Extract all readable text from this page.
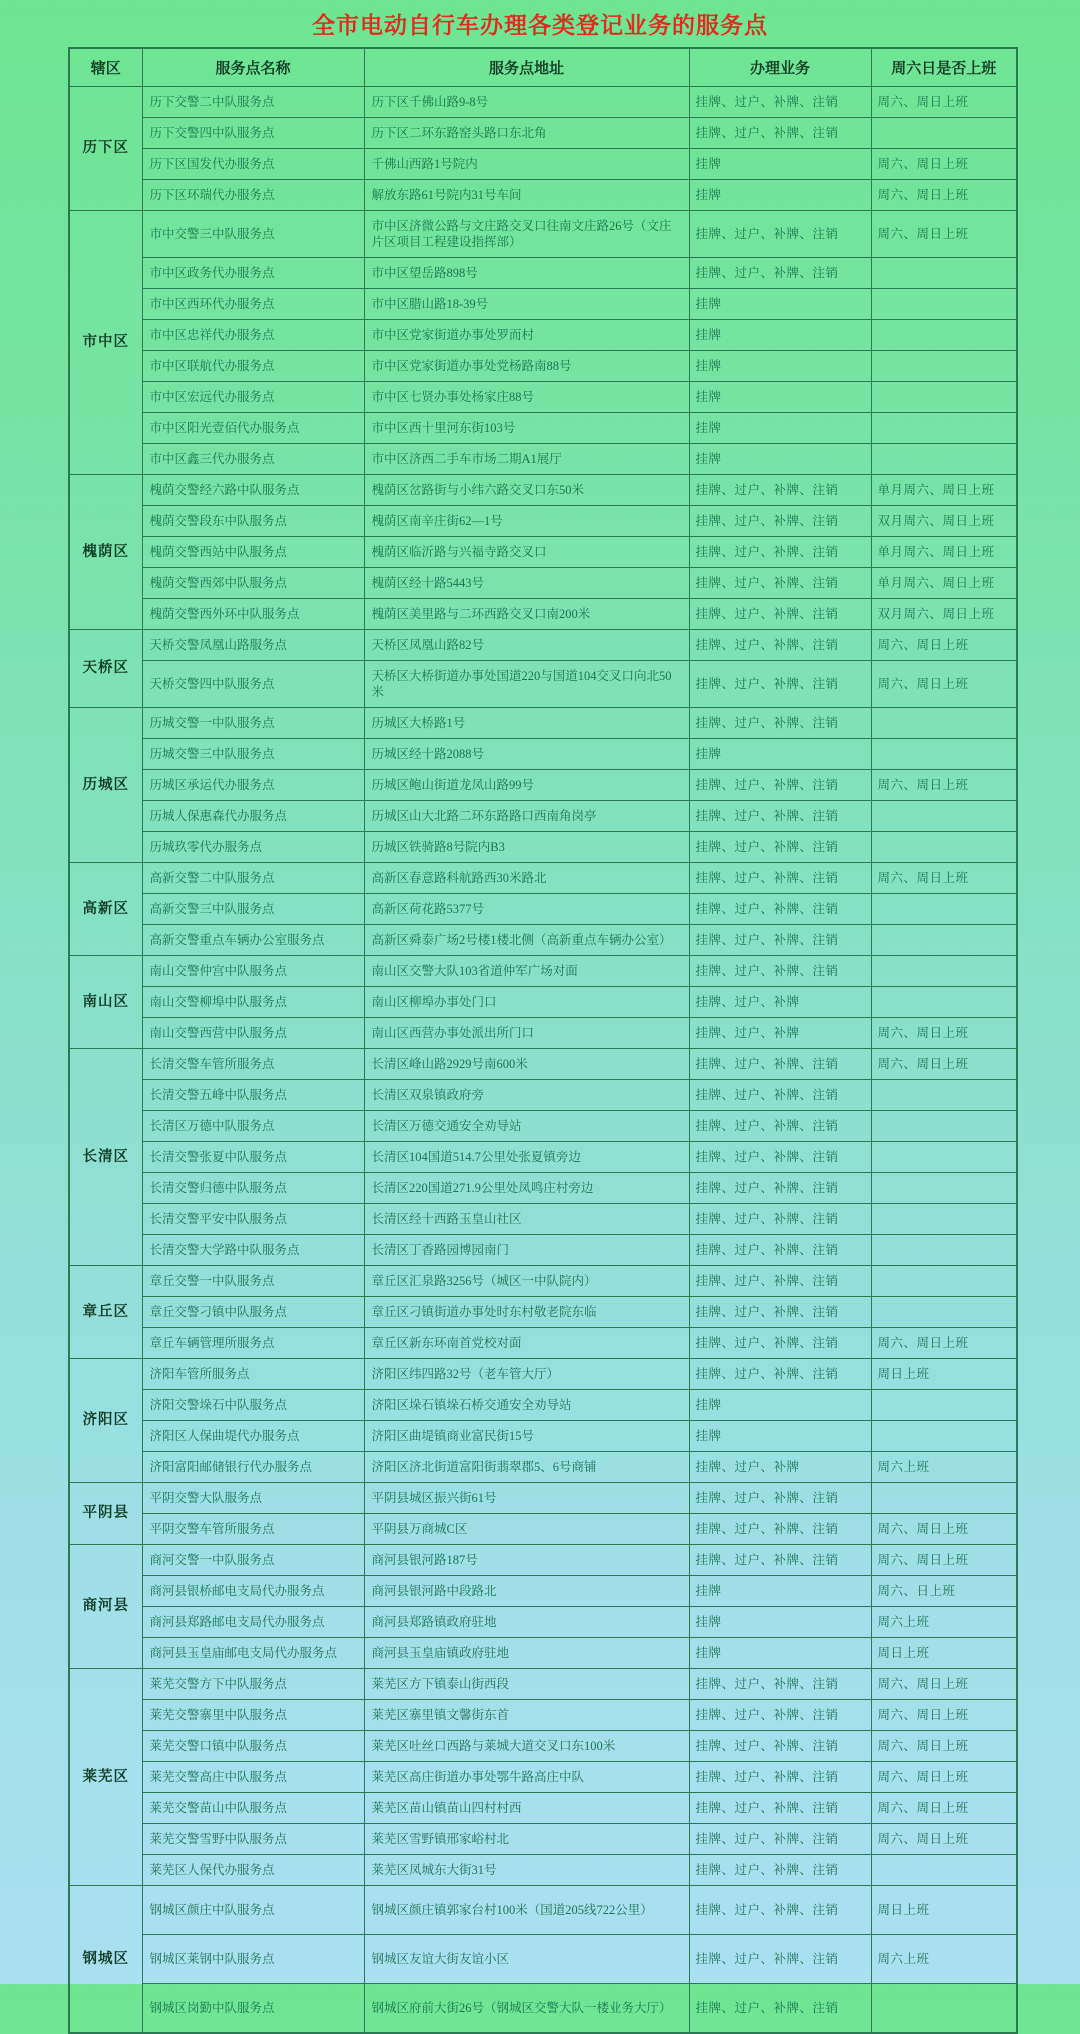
全市电动自行车办理各类登记业务的服务点
辖区	服务点名称	服务点地址	办理业务	周六日是否上班
历下区	历下交警二中队服务点	历下区千佛山路9-8号	挂牌、过户、补牌、注销	周六、周日上班
	历下交警四中队服务点	历下区二环东路窑头路口东北角	挂牌、过户、补牌、注销	
	历下区国发代办服务点	千佛山西路1号院内	挂牌	周六、周日上班
	历下区环瑞代办服务点	解放东路61号院内31号车间	挂牌	周六、周日上班
市中区	市中交警三中队服务点	市中区济微公路与文庄路交叉口往南文庄路26号（文庄片区项目工程建设指挥部）	挂牌、过户、补牌、注销	周六、周日上班
	市中区政务代办服务点	市中区望岳路898号	挂牌、过户、补牌、注销	
	市中区西环代办服务点	市中区腊山路18-39号	挂牌	
	市中区忠祥代办服务点	市中区党家街道办事处罗而村	挂牌	
	市中区联航代办服务点	市中区党家街道办事处党杨路南88号	挂牌	
	市中区宏远代办服务点	市中区七贤办事处杨家庄88号	挂牌	
	市中区阳光壹佰代办服务点	市中区西十里河东街103号	挂牌	
	市中区鑫三代办服务点	市中区济西二手车市场二期A1展厅	挂牌	
槐荫区	槐荫交警经六路中队服务点	槐荫区岔路街与小纬六路交叉口东50米	挂牌、过户、补牌、注销	单月周六、周日上班
	槐荫交警段东中队服务点	槐荫区南辛庄街62—1号	挂牌、过户、补牌、注销	双月周六、周日上班
	槐荫交警西站中队服务点	槐荫区临沂路与兴福寺路交叉口	挂牌、过户、补牌、注销	单月周六、周日上班
	槐荫交警西郊中队服务点	槐荫区经十路5443号	挂牌、过户、补牌、注销	单月周六、周日上班
	槐荫交警西外环中队服务点	槐荫区美里路与二环西路交叉口南200米	挂牌、过户、补牌、注销	双月周六、周日上班
天桥区	天桥交警凤凰山路服务点	天桥区凤凰山路82号	挂牌、过户、补牌、注销	周六、周日上班
	天桥交警四中队服务点	天桥区大桥街道办事处国道220与国道104交叉口向北50米	挂牌、过户、补牌、注销	周六、周日上班
历城区	历城交警一中队服务点	历城区大桥路1号	挂牌、过户、补牌、注销	
	历城交警三中队服务点	历城区经十路2088号	挂牌	
	历城区承运代办服务点	历城区鲍山街道龙凤山路99号	挂牌、过户、补牌、注销	周六、周日上班
	历城人保惠森代办服务点	历城区山大北路二环东路路口西南角岗亭	挂牌、过户、补牌、注销	
	历城玖零代办服务点	历城区铁骑路8号院内B3	挂牌、过户、补牌、注销	
高新区	高新交警二中队服务点	高新区春意路科航路西30米路北	挂牌、过户、补牌、注销	周六、周日上班
	高新交警三中队服务点	高新区荷花路5377号	挂牌、过户、补牌、注销	
	高新交警重点车辆办公室服务点	高新区舜泰广场2号楼1楼北侧（高新重点车辆办公室）	挂牌、过户、补牌、注销	
南山区	南山交警仲宫中队服务点	南山区交警大队103省道仲军广场对面	挂牌、过户、补牌、注销	
	南山交警柳埠中队服务点	南山区柳埠办事处门口	挂牌、过户、补牌	
	南山交警西营中队服务点	南山区西营办事处派出所门口	挂牌、过户、补牌	周六、周日上班
长清区	长清交警车管所服务点	长清区峰山路2929号南600米	挂牌、过户、补牌、注销	周六、周日上班
	长清交警五峰中队服务点	长清区双泉镇政府旁	挂牌、过户、补牌、注销	
	长清区万德中队服务点	长清区万德交通安全劝导站	挂牌、过户、补牌、注销	
	长清交警张夏中队服务点	长清区104国道514.7公里处张夏镇旁边	挂牌、过户、补牌、注销	
	长清交警归德中队服务点	长清区220国道271.9公里处凤鸣庄村旁边	挂牌、过户、补牌、注销	
	长清交警平安中队服务点	长清区经十西路玉皇山社区	挂牌、过户、补牌、注销	
	长清交警大学路中队服务点	长清区丁香路园博园南门	挂牌、过户、补牌、注销	
章丘区	章丘交警一中队服务点	章丘区汇泉路3256号（城区一中队院内）	挂牌、过户、补牌、注销	
	章丘交警刁镇中队服务点	章丘区刁镇街道办事处时东村敬老院东临	挂牌、过户、补牌、注销	
	章丘车辆管理所服务点	章丘区新东环南首党校对面	挂牌、过户、补牌、注销	周六、周日上班
济阳区	济阳车管所服务点	济阳区纬四路32号（老车管大厅）	挂牌、过户、补牌、注销	周日上班
	济阳交警垛石中队服务点	济阳区垛石镇垛石桥交通安全劝导站	挂牌	
	济阳区人保曲堤代办服务点	济阳区曲堤镇商业富民街15号	挂牌	
	济阳富阳邮储银行代办服务点	济阳区济北街道富阳街翡翠郡5、6号商铺	挂牌、过户、补牌	周六上班
平阴县	平阴交警大队服务点	平阴县城区振兴街61号	挂牌、过户、补牌、注销	
	平阴交警车管所服务点	平阴县万商城C区	挂牌、过户、补牌、注销	周六、周日上班
商河县	商河交警一中队服务点	商河县银河路187号	挂牌、过户、补牌、注销	周六、周日上班
	商河县银桥邮电支局代办服务点	商河县银河路中段路北	挂牌	周六、日上班
	商河县郑路邮电支局代办服务点	商河县郑路镇政府驻地	挂牌	周六上班
	商河县玉皇庙邮电支局代办服务点	商河县玉皇庙镇政府驻地	挂牌	周日上班
莱芜区	莱芜交警方下中队服务点	莱芜区方下镇泰山街西段	挂牌、过户、补牌、注销	周六、周日上班
	莱芜交警寨里中队服务点	莱芜区寨里镇文馨街东首	挂牌、过户、补牌、注销	周六、周日上班
	莱芜交警口镇中队服务点	莱芜区吐丝口西路与莱城大道交叉口东100米	挂牌、过户、补牌、注销	周六、周日上班
	莱芜交警高庄中队服务点	莱芜区高庄街道办事处鄂牛路高庄中队	挂牌、过户、补牌、注销	周六、周日上班
	莱芜交警苗山中队服务点	莱芜区苗山镇苗山四村村西	挂牌、过户、补牌、注销	周六、周日上班
	莱芜交警雪野中队服务点	莱芜区雪野镇邢家峪村北	挂牌、过户、补牌、注销	周六、周日上班
	莱芜区人保代办服务点	莱芜区凤城东大街31号	挂牌、过户、补牌、注销	
钢城区	钢城区颜庄中队服务点	钢城区颜庄镇郭家台村100米（国道205线722公里）	挂牌、过户、补牌、注销	周日上班
	钢城区莱钢中队服务点	钢城区友谊大街友谊小区	挂牌、过户、补牌、注销	周六上班
	钢城区岗勤中队服务点	钢城区府前大街26号（钢城区交警大队一楼业务大厅）	挂牌、过户、补牌、注销	
